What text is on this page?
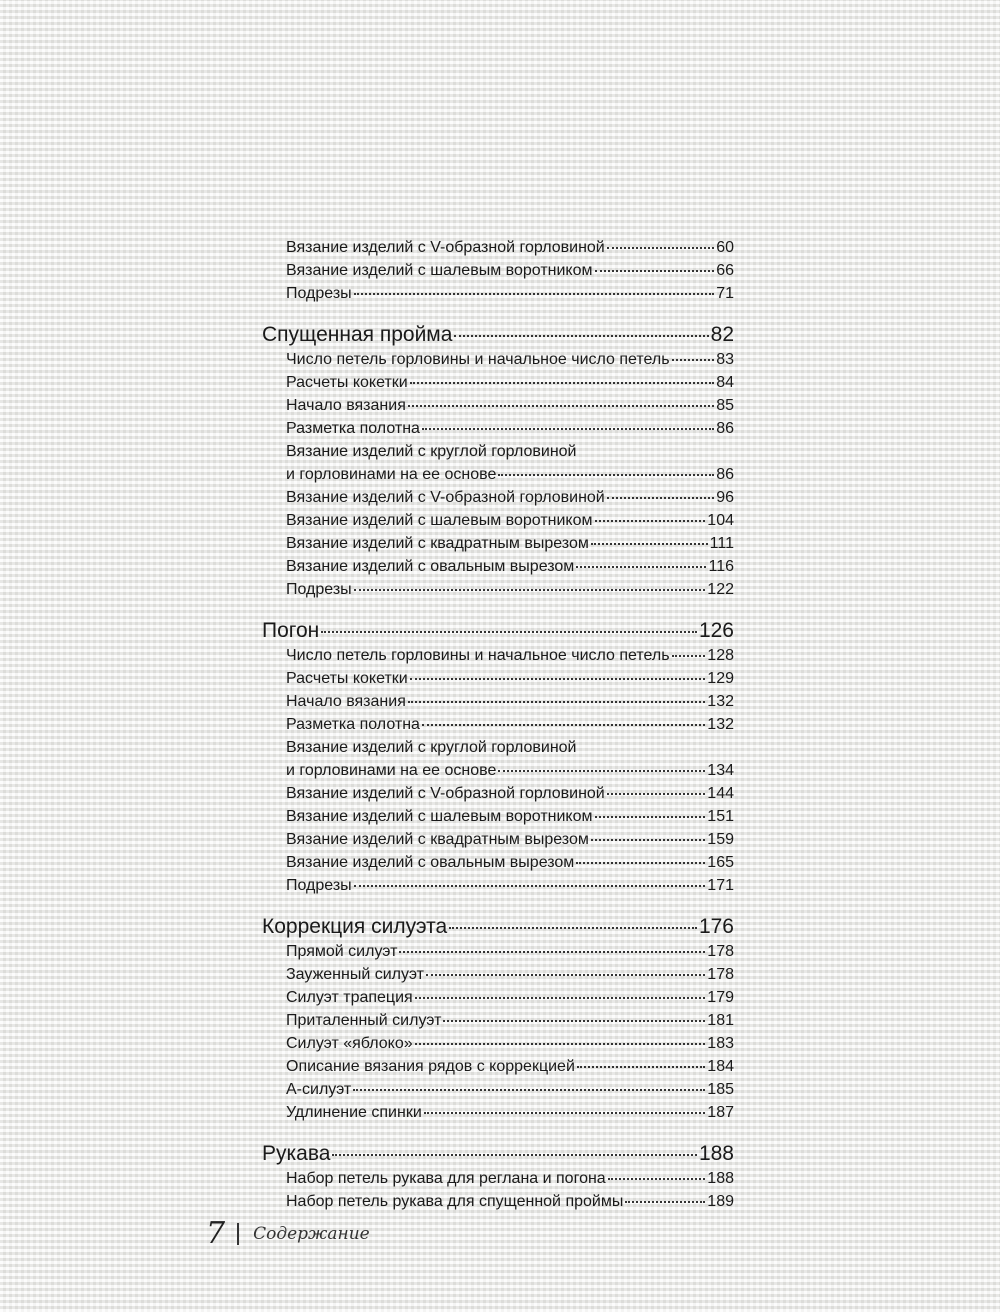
Вязание изделий с V-образной горловиной	60
Вязание изделий с шалевым воротником	66
Подрезы	71
Спущенная пройма	82
Число петель горловины и начальное число петель	83
Расчеты кокетки	84
Начало вязания	85
Разметка полотна	86
Вязание изделий с круглой горловиной
и горловинами на ее основе	86
Вязание изделий с V-образной горловиной	96
Вязание изделий с шалевым воротником	104
Вязание изделий с квадратным вырезом	111
Вязание изделий с овальным вырезом	116
Подрезы	122
Погон	126
Число петель горловины и начальное число петель 128
Расчеты кокетки	129
Начало вязания	132
Разметка полотна	132
Вязание изделий с круглой горловиной
и горловинами на ее основе	134
Вязание изделий с V-образной горловиной	144
Вязание изделий с шалевым воротником	151
Вязание изделий с квадратным вырезом	159
Вязание изделий с овальным вырезом	165
Подрезы	171
Коррекция силуэта	176
Прямой силуэт	178
Зауженный силуэт	178
Силуэт трапеция	179
Приталенный силуэт	181
Силуэт «яблоко»	183
Описание вязания рядов с коррекцией	184
А-силуэт	185
Удлинение спинки	187
Рукава	188
Набор петель рукава для реглана и погона	188
Набор петель рукава для спущенной проймы	189
7 Содержание
